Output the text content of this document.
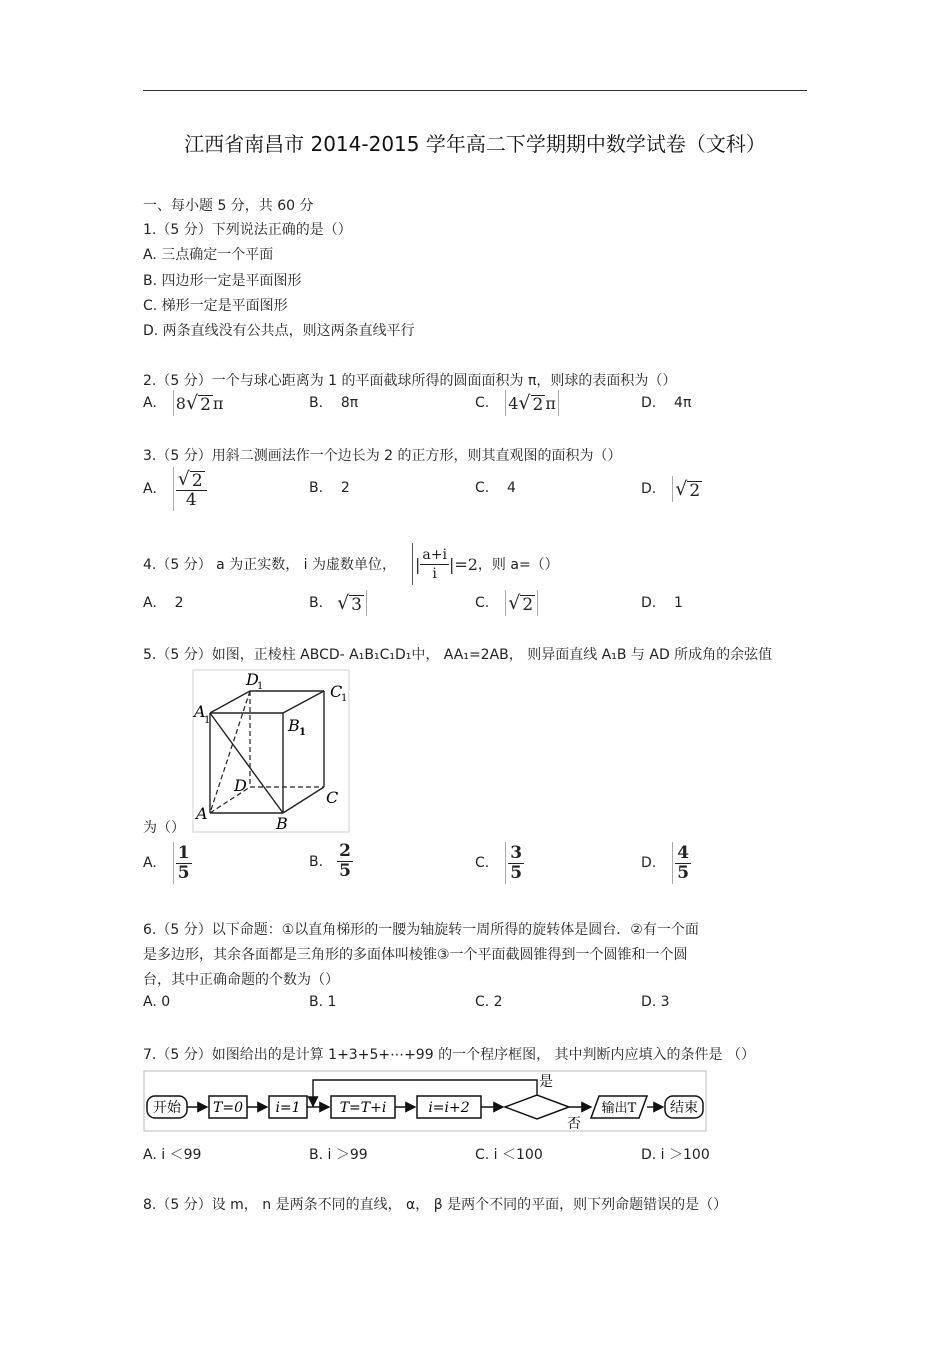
江西省南昌市 2014-2015 学年高二下学期期中数学试卷（文科）
一、每小题 5 分，共 60 分
1.（5 分）下列说法正确的是（）
A. 三点确定一个平面
B. 四边形一定是平面图形
C. 梯形一定是平面图形
D. 两条直线没有公共点，则这两条直线平行
2.（5 分）一个与球心距离为 1 的平面截球所得的圆面面积为 π，则球的表面积为（）
A. 8 √ 2 π	B. 8π	C. 4 √ 2 π	D. 4π
3.（5 分）用斜二测画法作一个边长为 2 的正方形，则其直观图的面积为（）
A. $\frac{√ 2}{4}$	B. 2	C. 4	D. √ 2
4.（5 分） a 为正实数， i 为虚数单位， | $\frac{a+i}{i} |=2$ ，则 a=（）
A. 2	B. √ 3	C. √ 2	D. 1
5.（5 分）如图，正棱柱 ABCD- A₁B₁C₁D₁中， AA₁=2AB， 则异面直线 A₁B 与 AD 所成角的余弦值
D
1	C
1
A
1	B 1
D
C
A
B
为（）
A. $\frac{1}{5}$	B. $\frac{2}{5}$	C. $\frac{3}{5}$	D. $\frac{4}{5}$
6.（5 分）以下命题：①以直角梯形的一腰为轴旋转一周所得的旋转体是圆台．②有一个面
是多边形，其余各面都是三角形的多面体叫棱锥③一个平面截圆锥得到一个圆锥和一个圆
台，其中正确命题的个数为（）
A. 0	B. 1	C. 2	D. 3
7.（5 分）如图给出的是计算 1+3+5+⋯+99 的一个程序框图， 其中判断内应填入的条件是 （）
开始 T=0 i=1	T=T+i	i=i+2
是
否
输出T 结束
A. i ＜99	B. i ＞99	C. i ＜100	D. i ＞100
8.（5 分）设 m， n 是两条不同的直线， α， β 是两个不同的平面，则下列命题错误的是（）
